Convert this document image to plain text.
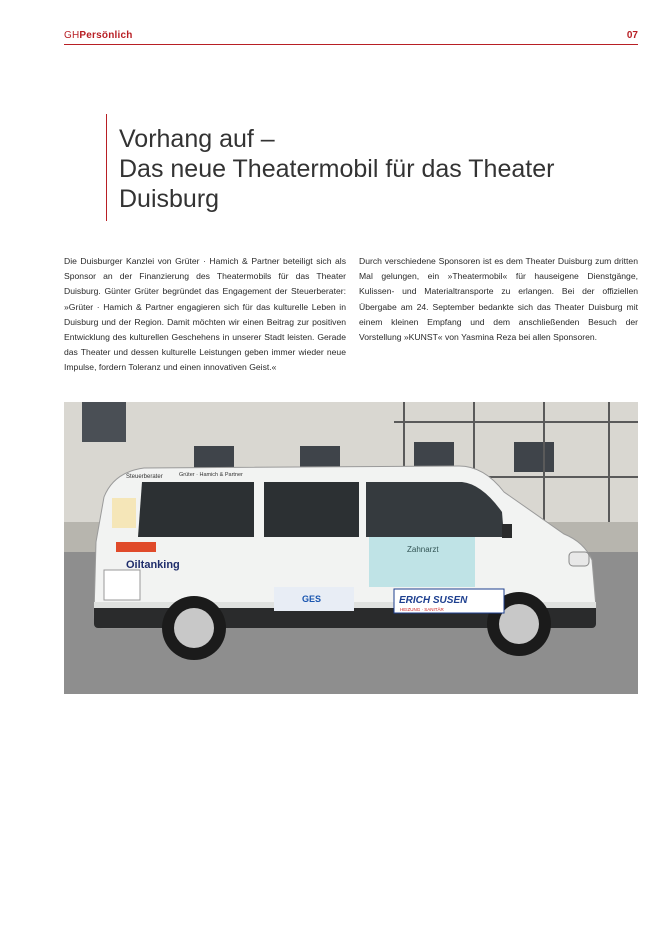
GHPersönlich	07
Vorhang auf –
Das neue Theatermobil für das Theater Duisburg

Die Duisburger Kanzlei von Grüter · Hamich & Partner beteiligt sich als Sponsor an der Finanzierung des Theatermobils für das Theater Duisburg. Günter Grüter begründet das Engagement der Steuerberater: »Grüter · Hamich & Partner engagieren sich für das kulturelle Leben in Duisburg und der Region. Damit möchten wir einen Beitrag zur positiven Entwicklung des kulturellen Geschehens in unserer Stadt leisten. Gerade das Theater und dessen kulturelle Leistungen geben immer wieder neue Impulse, fordern Toleranz und einen innovativen Geist.«

Durch verschiedene Sponsoren ist es dem Theater Duisburg zum dritten Mal gelungen, ein »Theatermobil« für hauseigene Dienstgänge, Kulissen- und Materialtransporte zu erlangen. Bei der offiziellen Übergabe am 24. September bedankte sich das Theater Duisburg mit einem kleinen Empfang und dem anschließenden Besuch der Vorstellung »KUNST« von Yasmina Reza bei allen Sponsoren.

Steuerberater	Grüter · Hamich & Partner
Oiltanking
GES
Zahnarzt
ERICH SUSEN
HEIZUNG · SANITÄR
